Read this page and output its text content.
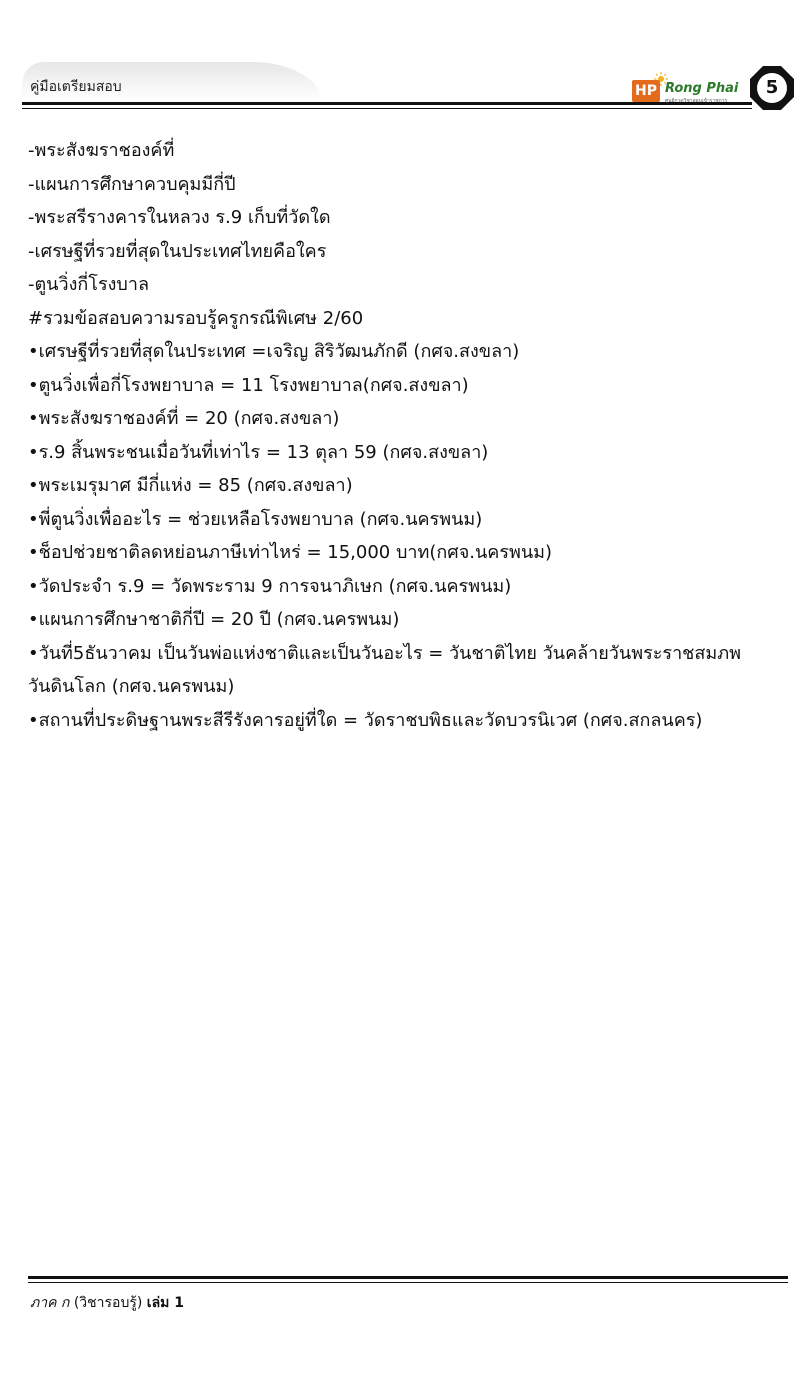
คู่มือเตรียมสอบ	HP Rong Phai
ศูนย์กวดวิชาสอบเข้าราชการ
5

-พระสังฆราชองค์ที่

-แผนการศึกษาควบคุมมีกี่ปี

-พระสรีรางคารในหลวง ร.9 เก็บที่วัดใด

-เศรษฐีที่รวยที่สุดในประเทศไทยคือใคร

-ตูนวิ่งกี่โรงบาล

#รวมข้อสอบความรอบรู้ครูกรณีพิเศษ 2/60

•เศรษฐีที่รวยที่สุดในประเทศ =เจริญ สิริวัฒนภักดี (กศจ.สงขลา)

•ตูนวิ่งเพื่อกี่โรงพยาบาล = 11 โรงพยาบาล(กศจ.สงขลา)

•พระสังฆราชองค์ที่ = 20 (กศจ.สงขลา)

•ร.9 สิ้นพระชนเมื่อวันที่เท่าไร = 13 ตุลา 59 (กศจ.สงขลา)

•พระเมรุมาศ มีกี่แห่ง = 85 (กศจ.สงขลา)

•พี่ตูนวิ่งเพื่ออะไร = ช่วยเหลือโรงพยาบาล (กศจ.นครพนม)

•ช็อปช่วยชาติลดหย่อนภาษีเท่าไหร่ = 15,000 บาท(กศจ.นครพนม)

•วัดประจำ ร.9 = วัดพระราม 9 การจนาภิเษก (กศจ.นครพนม)

•แผนการศึกษาชาติกี่ปี = 20 ปี (กศจ.นครพนม)

•วันที่5ธันวาคม เป็นวันพ่อแห่งชาติและเป็นวันอะไร = วันชาติไทย วันคล้ายวันพระราชสมภพ

วันดินโลก (กศจ.นครพนม)

•สถานที่ประดิษฐานพระสีรีรังคารอยู่ที่ใด = วัดราชบพิธและวัดบวรนิเวศ (กศจ.สกลนคร)

ภาค ก (วิชารอบรู้) เล่ม 1
